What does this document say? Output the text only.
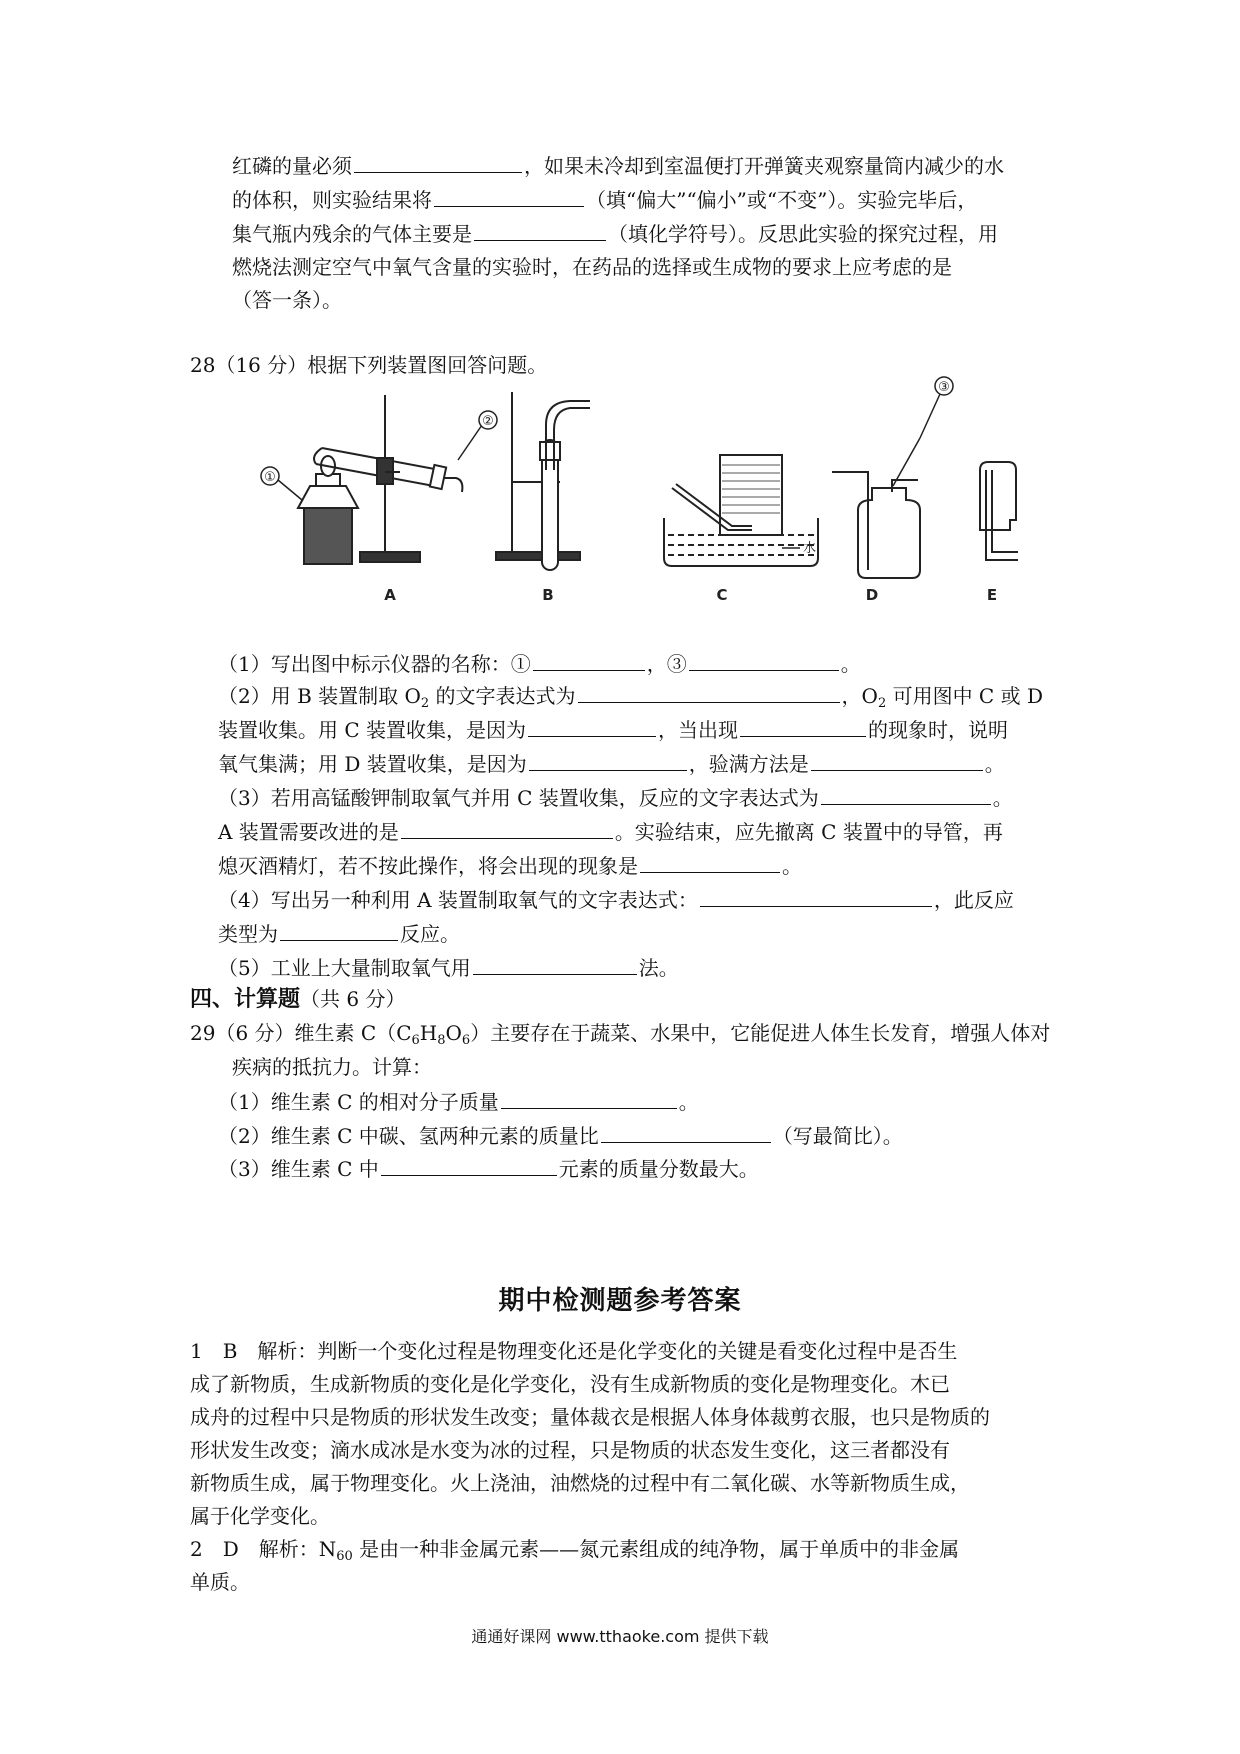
红磷的量必须	，如果未冷却到室温便打开弹簧夹观察量筒内减少的水
的体积，则实验结果将	（填“偏大”“偏小”或“不变”）。实验完毕后，
集气瓶内残余的气体主要是	（填化学符号）。反思此实验的探究过程，用
燃烧法测定空气中氧气含量的实验时，在药品的选择或生成物的要求上应考虑的是
（答一条）。
28（16 分）根据下列装置图回答问题。
①
②
③
水
A	B	C	D	E
（1）写出图中标示仪器的名称：①	，③	。
（2）用 B 装置制取 $O_2$ 的文字表达式为	，$O_2$ 可用图中 C 或 D
装置收集。用 C 装置收集，是因为	，当出现	的现象时，说明
氧气集满；用 D 装置收集，是因为	，验满方法是	。
（3）若用高锰酸钾制取氧气并用 C 装置收集，反应的文字表达式为	。
A 装置需要改进的是	。实验结束，应先撤离 C 装置中的导管，再
熄灭酒精灯，若不按此操作，将会出现的现象是	。
（4）写出另一种利用 A 装置制取氧气的文字表达式：	，此反应
类型为	反应。
（5）工业上大量制取氧气用	法。
四、计算题（共 6 分）
29（6 分）维生素 $C(C_6H_8O_6)$主要存在于蔬菜、水果中，它能促进人体生长发育，增强人体对
疾病的抵抗力。计算：
（1）维生素 C 的相对分子质量	。
（2）维生素 C 中碳、氢两种元素的质量比	（写最简比）。
（3）维生素 C 中	元素的质量分数最大。
期中检测题参考答案
1　B　解析：判断一个变化过程是物理变化还是化学变化的关键是看变化过程中是否生
成了新物质，生成新物质的变化是化学变化，没有生成新物质的变化是物理变化。木已
成舟的过程中只是物质的形状发生改变；量体裁衣是根据人体身体裁剪衣服，也只是物质的
形状发生改变；滴水成冰是水变为冰的过程，只是物质的状态发生变化，这三者都没有
新物质生成，属于物理变化。火上浇油，油燃烧的过程中有二氧化碳、水等新物质生成，
属于化学变化。
2　D　解析：$N_{60}$ 是由一种非金属元素——氮元素组成的纯净物，属于单质中的非金属
单质。
通通好课网 www.tthaoke.com 提供下载
